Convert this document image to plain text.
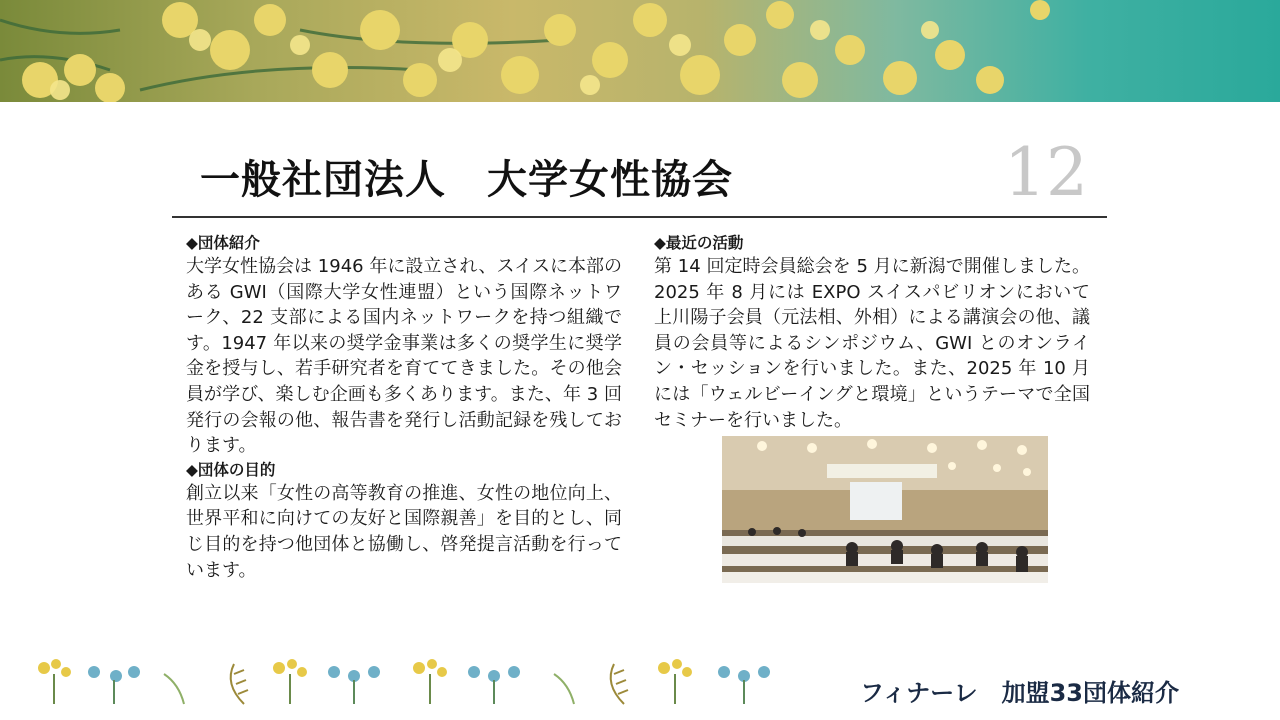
一般社団法人　大学女性協会	12
◆団体紹介

大学女性協会は 1946 年に設立され、スイスに本部のある GWI（国際大学女性連盟）という国際ネットワーク、22 支部による国内ネットワークを持つ組織です。1947 年以来の奨学金事業は多くの奨学生に奨学金を授与し、若手研究者を育ててきました。その他会員が学び、楽しむ企画も多くあります。また、年 3 回発行の会報の他、報告書を発行し活動記録を残しております。

◆団体の目的

創立以来「女性の高等教育の推進、女性の地位向上、世界平和に向けての友好と国際親善」を目的とし、同じ目的を持つ他団体と協働し、啓発提言活動を行っています。

◆最近の活動

第 14 回定時会員総会を 5 月に新潟で開催しました。2025 年 8 月には EXPO スイスパビリオンにおいて上川陽子会員（元法相、外相）による講演会の他、議員の会員等によるシンポジウム、GWI とのオンライン・セッションを行いました。また、2025 年 10 月には「ウェルビーイングと環境」というテーマで全国セミナーを行いました。

フィナーレ　加盟33団体紹介
